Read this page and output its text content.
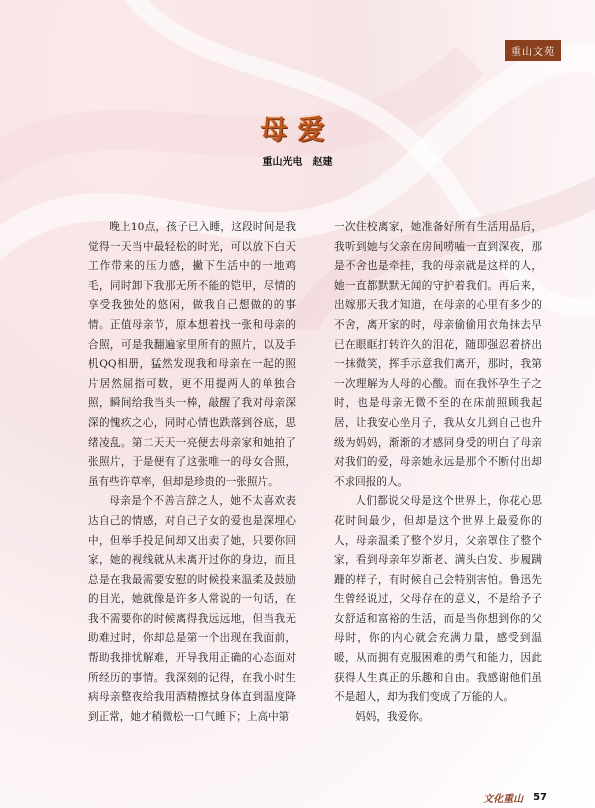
重山文苑
母爱
重山光电　赵建

晚上10点，孩子已入睡，这段时间是我觉得一天当中最轻松的时光，可以放下白天工作带来的压力感，撇下生活中的一地鸡毛，同时卸下我那无所不能的铠甲，尽情的享受我独处的悠闲，做我自己想做的的事情。正值母亲节，原本想着找一张和母亲的合照，可是我翻遍家里所有的照片，以及手机QQ相册，猛然发现我和母亲在一起的照片居然屈指可数，更不用提两人的单独合照，瞬间给我当头一棒，敲醒了我对母亲深深的愧疚之心，同时心情也跌落到谷底，思绪凌乱。第二天天一亮便去母亲家和她拍了张照片，于是便有了这张唯一的母女合照，虽有些许草率，但却是珍贵的一张照片。

母亲是个不善言辞之人，她不太喜欢表达自己的情感，对自己子女的爱也是深埋心中，但举手投足间却又出卖了她，只要你回家，她的视线就从未离开过你的身边，而且总是在我最需要安慰的时候投来温柔及鼓励的目光，她就像是许多人常说的一句话，在我不需要你的时候离得我远远地，但当我无助难过时，你却总是第一个出现在我面前，帮助我排忧解难，开导我用正确的心态面对所经历的事情。我深刻的记得，在我小时生病母亲整夜给我用酒精擦拭身体直到温度降到正常，她才稍微松一口气睡下；上高中第

一次住校离家，她准备好所有生活用品后，我听到她与父亲在房间唠嗑一直到深夜，那是不舍也是牵挂，我的母亲就是这样的人，她一直都默默无闻的守护着我们。再后来，出嫁那天我才知道，在母亲的心里有多少的不舍，离开家的时，母亲偷偷用衣角抹去早已在眼眶打转许久的泪花，随即强忍着挤出一抹微笑，挥手示意我们离开，那时，我第一次理解为人母的心酸。而在我怀孕生子之时，也是母亲无微不至的在床前照顾我起居，让我安心坐月子，我从女儿到自己也升级为妈妈，渐渐的才感同身受的明白了母亲对我们的爱，母亲她永远是那个不断付出却不求回报的人。

人们都说父母是这个世界上，你花心思花时间最少，但却是这个世界上最爱你的人，母亲温柔了整个岁月，父亲罩住了整个家，看到母亲年岁渐老、满头白发、步履蹒跚的样子，有时候自己会特别害怕。鲁迅先生曾经说过，父母存在的意义，不是给予子女舒适和富裕的生活，而是当你想到你的父母时，你的内心就会充满力量，感受到温暖，从而拥有克服困难的勇气和能力，因此获得人生真正的乐趣和自由。我感谢他们虽不是超人，却为我们变成了万能的人。

妈妈，我爱你。

文化重山 57
